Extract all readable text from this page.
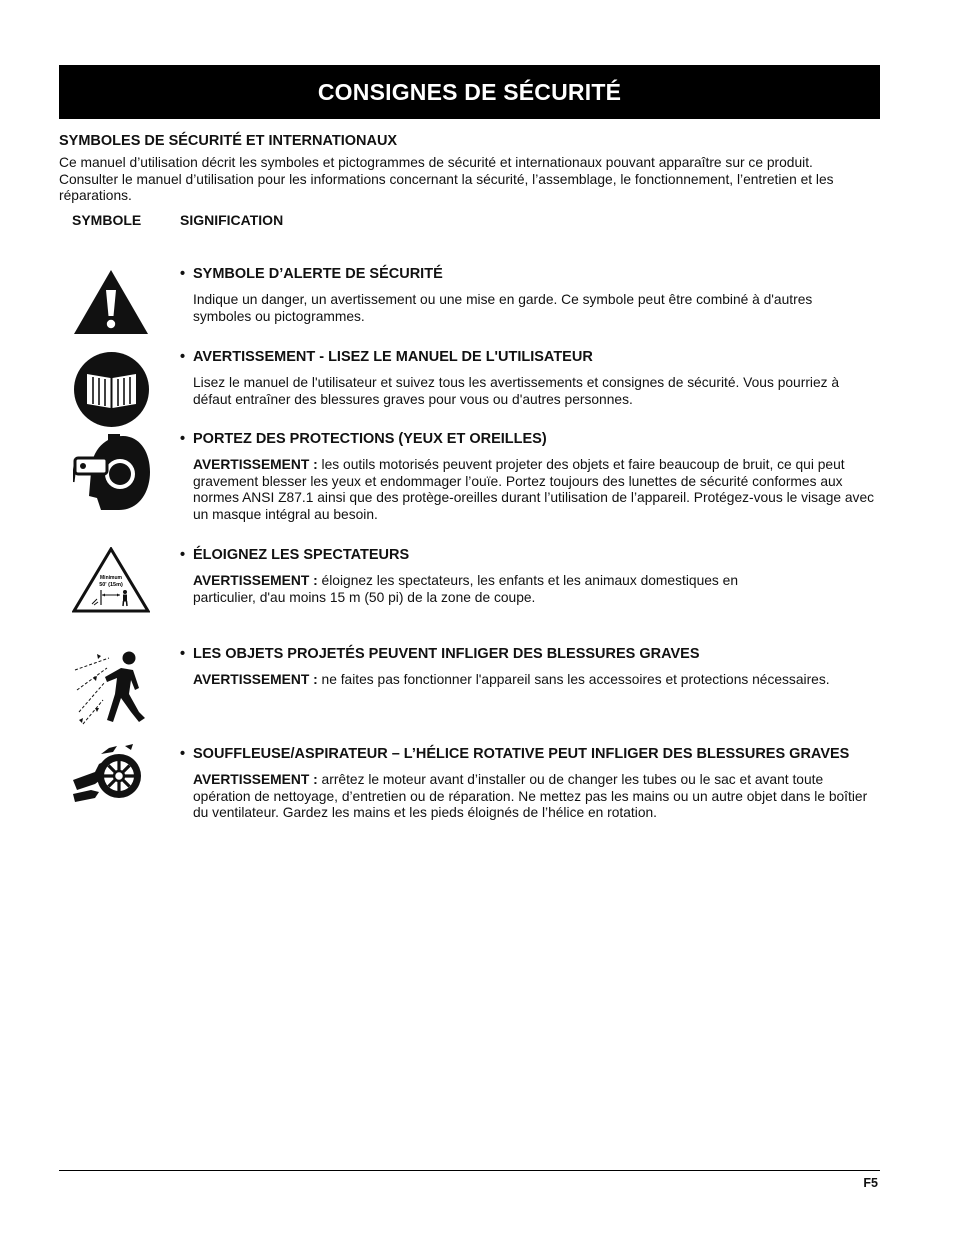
CONSIGNES DE SÉCURITÉ
SYMBOLES DE SÉCURITÉ ET INTERNATIONAUX
Ce manuel d’utilisation décrit les symboles et pictogrammes de sécurité et internationaux pouvant apparaître sur ce produit. Consulter le manuel d’utilisation pour les informations concernant la sécurité, l’assemblage, le fonctionnement, l’entretien et les réparations.
SYMBOLE	SIGNIFICATION
Minimum
50' (15m)
• SYMBOLE D’ALERTE DE SÉCURITÉ
Indique un danger, un avertissement ou une mise en garde. Ce symbole peut être combiné à d'autres symboles ou pictogrammes.
• AVERTISSEMENT - LISEZ LE MANUEL DE L'UTILISATEUR
Lisez le manuel de l'utilisateur et suivez tous les avertissements et consignes de sécurité. Vous pourriez à défaut entraîner des blessures graves pour vous ou d'autres personnes.
• PORTEZ DES PROTECTIONS (YEUX ET OREILLES)
AVERTISSEMENT : les outils motorisés peuvent projeter des objets et faire beaucoup de bruit, ce qui peut gravement blesser les yeux et endommager l’ouïe. Portez toujours des lunettes de sécurité conformes aux normes ANSI Z87.1 ainsi que des protège-oreilles durant l’utilisation de l’appareil. Protégez-vous le visage avec un masque intégral au besoin.
• ÉLOIGNEZ LES SPECTATEURS
AVERTISSEMENT : éloignez les spectateurs, les enfants et les animaux domestiques en particulier, d'au moins 15 m (50 pi) de la zone de coupe.
• LES OBJETS PROJETÉS PEUVENT INFLIGER DES BLESSURES GRAVES
AVERTISSEMENT : ne faites pas fonctionner l'appareil sans les accessoires et protections nécessaires.
• SOUFFLEUSE/ASPIRATEUR – L’HÉLICE ROTATIVE PEUT INFLIGER DES BLESSURES GRAVES
AVERTISSEMENT : arrêtez le moteur avant d’installer ou de changer les tubes ou le sac et avant toute opération de nettoyage, d’entretien ou de réparation. Ne mettez pas les mains ou un autre objet dans le boîtier du ventilateur. Gardez les mains et les pieds éloignés de l’hélice en rotation.
F5
